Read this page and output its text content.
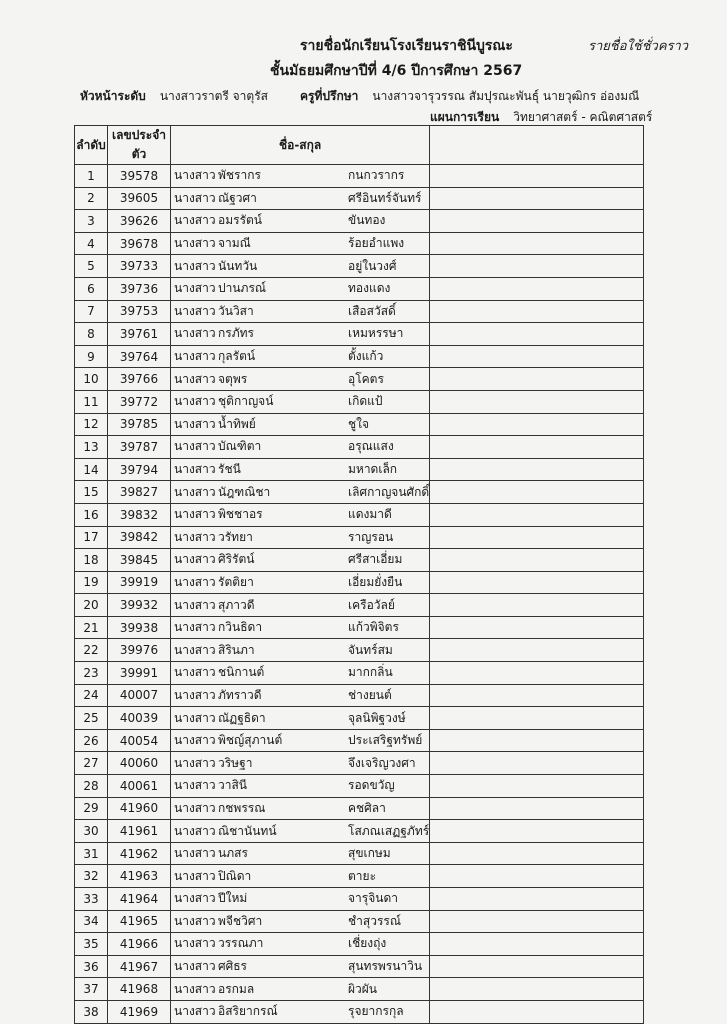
รายชื่อนักเรียนโรงเรียนราชินีบูรณะ	รายชื่อใช้ชั่วคราว
ชั้นมัธยมศึกษาปีที่ 4/6 ปีการศึกษา 2567
หัวหน้าระดับ นางสาวราตรี จาตุรัส	ครูที่ปรึกษา นางสาวจารุวรรณ สัมปุรณะพันธุ์ นายวุฒิกร อ่องมณี
แผนการเรียน วิทยาศาสตร์ - คณิตศาสตร์
ลำดับ	เลขประจำตัว	ชื่อ-สกุล	
1	39578	นางสาว พัชรากร กนกวรากร	
2	39605	นางสาว ณัฐวศา ศรีอินทร์จันทร์	
3	39626	นางสาว อมรรัตน์ ขันทอง	
4	39678	นางสาว จามณี ร้อยอำแพง	
5	39733	นางสาว นันทวัน อยู่ในวงศ์	
6	39736	นางสาว ปานภรณ์ ทองแดง	
7	39753	นางสาว วันวิสา เสือสวัสดิ์	
8	39761	นางสาว กรภัทร เหมหรรษา	
9	39764	นางสาว กุลรัตน์ ตั้งแก้ว	
10	39766	นางสาว จตุพร อุโคตร	
11	39772	นางสาว ชุติกาญจน์ เกิดแป้	
12	39785	นางสาว น้ำทิพย์ ชูใจ	
13	39787	นางสาว บัณฑิตา อรุณแสง	
14	39794	นางสาว รัชนี มหาดเล็ก	
15	39827	นางสาว นัฎฑณิชา เลิศกาญจนศักดิ์	
16	39832	นางสาว พิชชาอร แดงมาดี	
17	39842	นางสาว วรัทยา ราญรอน	
18	39845	นางสาว ศิริรัตน์ ศรีสาเอี่ยม	
19	39919	นางสาว รัตติยา เอี่ยมยั่งยืน	
20	39932	นางสาว สุภาวดี เครือวัลย์	
21	39938	นางสาว กวินธิดา แก้วพิจิตร	
22	39976	นางสาว สิรินภา จันทร์สม	
23	39991	นางสาว ชนิกานต์ มากกลิ่น	
24	40007	นางสาว ภัทราวดี ช่างยนต์	
25	40039	นางสาว ณัฏฐธิดา จุลนิพิฐวงษ์	
26	40054	นางสาว พิชญ์สุภานต์ ประเสริฐทรัพย์	
27	40060	นางสาว วริษฐา จึงเจริญวงศา	
28	40061	นางสาว วาสินี รอดขวัญ	
29	41960	นางสาว กชพรรณ คชศิลา	
30	41961	นางสาว ณิชานันทน์ โสภณเสฏฐภัทร์	
31	41962	นางสาว นภสร สุขเกษม	
32	41963	นางสาว ปิณิดา ตายะ	
33	41964	นางสาว ปีใหม่ จารุจินดา	
34	41965	นางสาว พจีชวิศา ชำสุวรรณ์	
35	41966	นางสาว วรรณภา เชี่ยงถุ่ง	
36	41967	นางสาว ศศิธร สุนทรพรนาวิน	
37	41968	นางสาว อรกมล ผิวผัน	
38	41969	นางสาว อิสริยากรณ์ รุจยากรกุล	
